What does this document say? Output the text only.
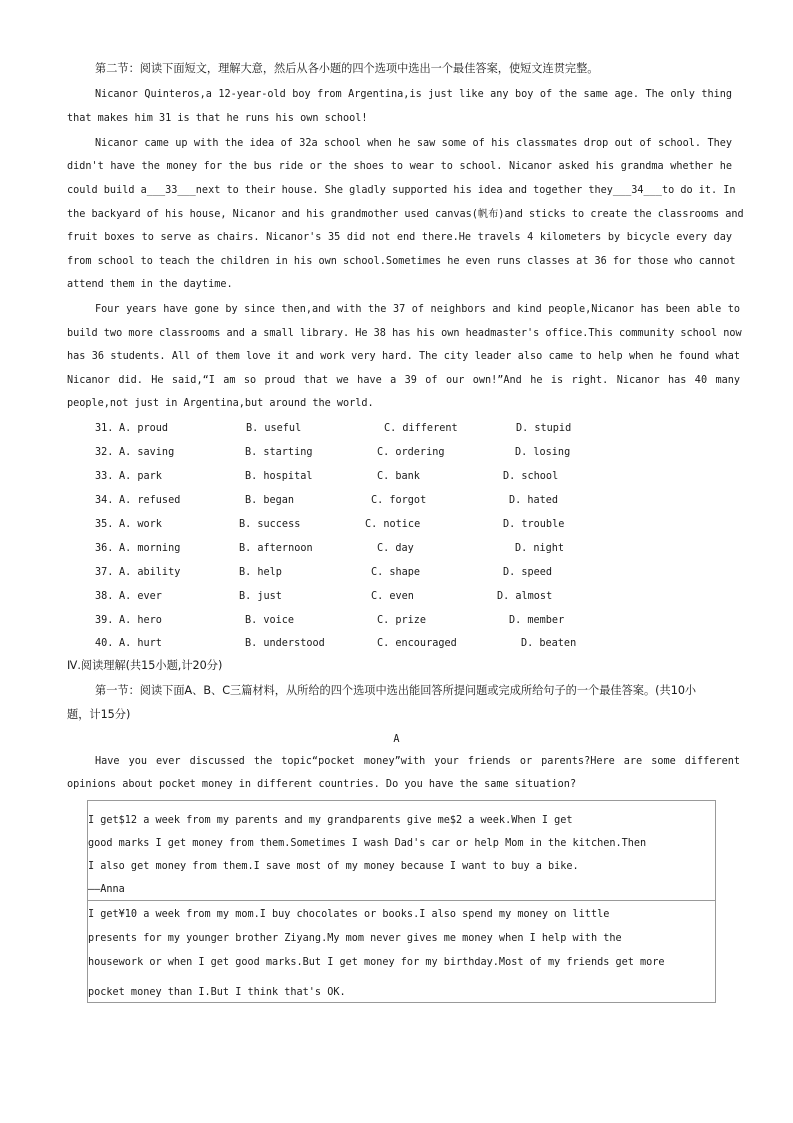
第二节：阅读下面短文，理解大意，然后从各小题的四个选项中选出一个最佳答案，使短文连贯完整。
Nicanor Quinteros,a 12-year-old boy from Argentina,is just like any boy of the same age. The only thing
that makes him 31 is that he runs his own school!
Nicanor came up with the idea of 32a school when he saw some of his classmates drop out of school. They
didn't have the money for the bus ride or the shoes to wear to school. Nicanor asked his grandma whether he
could build a___33___next to their house. She gladly supported his idea and together they___34___to do it. In
the backyard of his house, Nicanor and his grandmother used canvas(帆布)and sticks to create the classrooms and
fruit boxes to serve as chairs. Nicanor's 35 did not end there.He travels 4 kilometers by bicycle every day
from school to teach the children in his own school.Sometimes he even runs classes at 36 for those who cannot
attend them in the daytime.
Four years have gone by since then,and with the 37 of neighbors and kind people,Nicanor has been able to
build two more classrooms and a small library. He 38 has his own headmaster's office.This community school now
has 36 students. All of them love it and work very hard. The city leader also came to help when he found what
Nicanor did. He said,“I am so proud that we have a 39 of our own!”And he is right. Nicanor has 40 many
people,not just in Argentina,but around the world.
31. A. proud	B. useful	C. different	D. stupid
32. A. saving	B. starting	C. ordering	D. losing
33. A. park	B. hospital	C. bank	D. school
34. A. refused	B. began	C. forgot	D. hated
35. A. work	B. success	C. notice	D. trouble
36. A. morning	B. afternoon	C. day	D. night
37. A. ability	B. help	C. shape	D. speed
38. A. ever	B. just	C. even	D. almost
39. A. hero	B. voice	C. prize	D. member
40. A. hurt	B. understood	C. encouraged	D. beaten
Ⅳ.阅读理解(共15小题,计20分)
第一节：阅读下面A、B、C三篇材料，从所给的四个选项中选出能回答所提问题或完成所给句子的一个最佳答案。(共10小
题，计15分)
A
Have you ever discussed the topic“pocket money”with your friends or parents?Here are some different
opinions about pocket money in different countries. Do you have the same situation?
I get$12 a week from my parents and my grandparents give me$2 a week.When I get
good marks I get money from them.Sometimes I wash Dad's car or help Mom in the kitchen.Then
I also get money from them.I save most of my money because I want to buy a bike.
——Anna
I get¥10 a week from my mom.I buy chocolates or books.I also spend my money on little
presents for my younger brother Ziyang.My mom never gives me money when I help with the
housework or when I get good marks.But I get money for my birthday.Most of my friends get more
pocket money than I.But I think that's OK.
